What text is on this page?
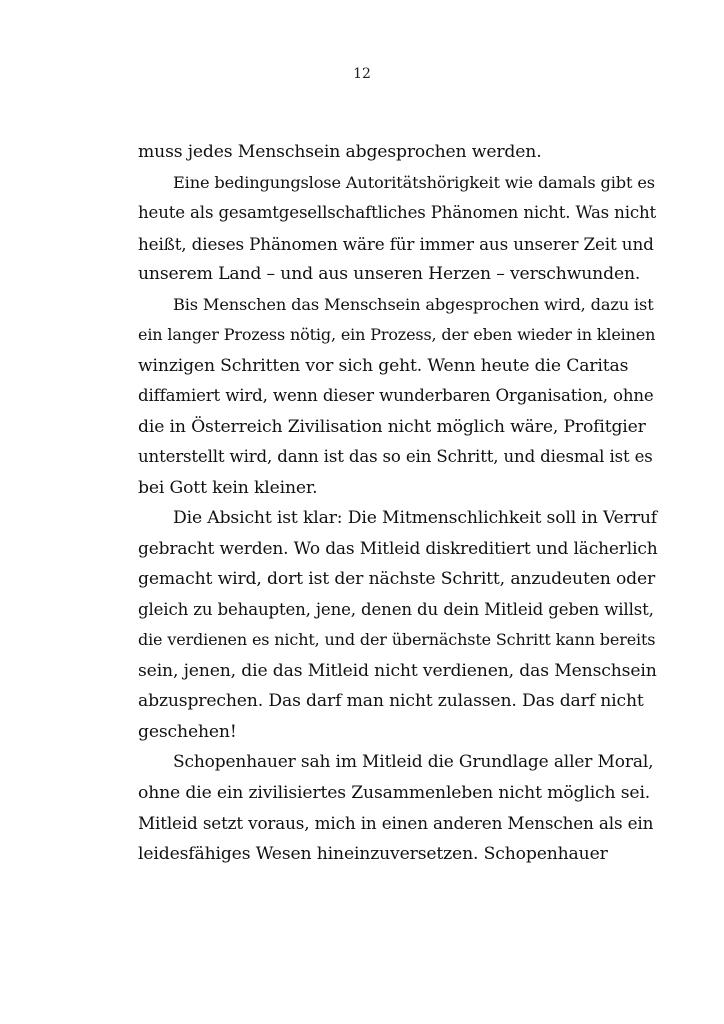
12
muss jedes Menschsein abgesprochen werden.
Eine bedingungslose Autoritätshörigkeit wie damals gibt es
heute als gesamtgesellschaftliches Phänomen nicht. Was nicht
heißt, dieses Phänomen wäre für immer aus unserer Zeit und
unserem Land – und aus unseren Herzen – verschwunden.
Bis Menschen das Menschsein abgesprochen wird, dazu ist
ein langer Prozess nötig, ein Prozess, der eben wieder in kleinen
winzigen Schritten vor sich geht. Wenn heute die Caritas
diffamiert wird, wenn dieser wunderbaren Organisation, ohne
die in Österreich Zivilisation nicht möglich wäre, Profitgier
unterstellt wird, dann ist das so ein Schritt, und diesmal ist es
bei Gott kein kleiner.
Die Absicht ist klar: Die Mitmenschlichkeit soll in Verruf
gebracht werden. Wo das Mitleid diskreditiert und lächerlich
gemacht wird, dort ist der nächste Schritt, anzudeuten oder
gleich zu behaupten, jene, denen du dein Mitleid geben willst,
die verdienen es nicht, und der übernächste Schritt kann bereits
sein, jenen, die das Mitleid nicht verdienen, das Menschsein
abzusprechen. Das darf man nicht zulassen. Das darf nicht
geschehen!
Schopenhauer sah im Mitleid die Grundlage aller Moral,
ohne die ein zivilisiertes Zusammenleben nicht möglich sei.
Mitleid setzt voraus, mich in einen anderen Menschen als ein
leidesfähiges Wesen hineinzuversetzen. Schopenhauer
